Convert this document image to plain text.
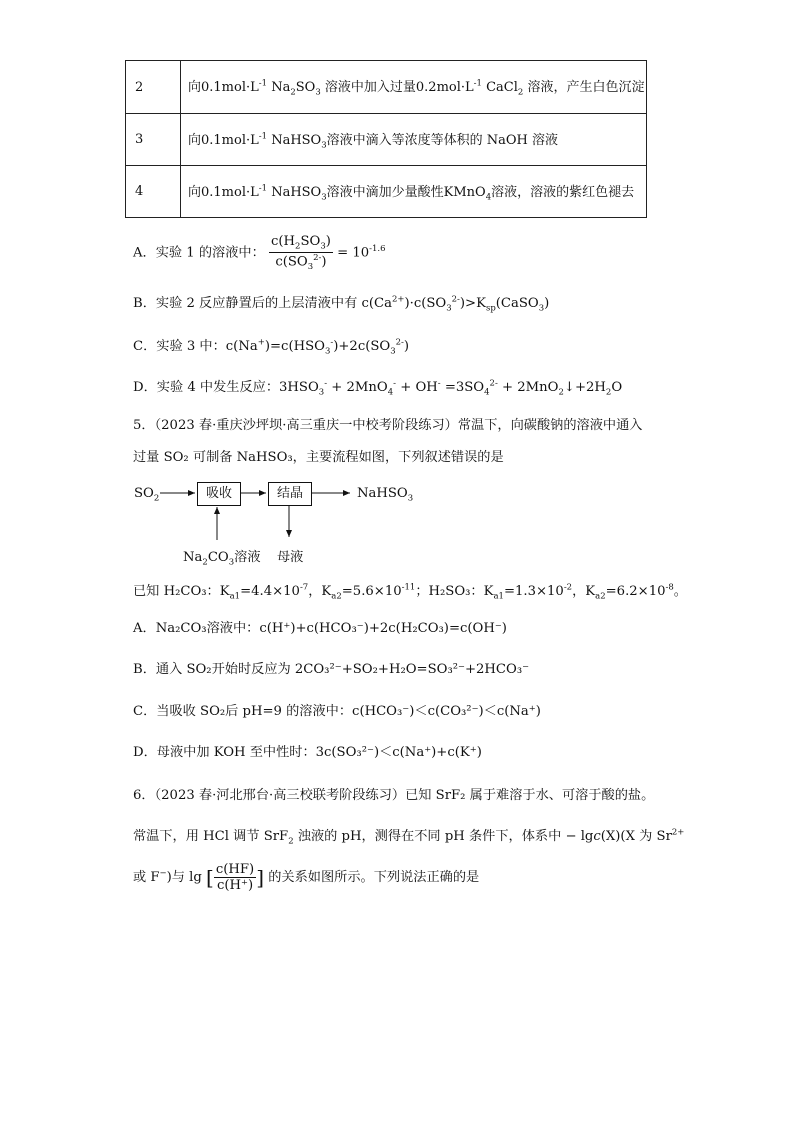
2	向$0.1mol\cdot L^{-1}$ $Na_2SO_3$ 溶液中加入过量$0.2mol\cdot L^{-1}$ CaCl$_2$ 溶液，产生白色沉淀
3	向$0.1mol\cdot L^{-1}$ NaHSO$_3$溶液中滴入等浓度等体积的 NaOH 溶液
4	向$0.1mol\cdot L^{-1}$ NaHSO$_3$溶液中滴加少量酸性KMnO$_4$溶液，溶液的紫红色褪去
A．实验 1 的溶液中： $\frac{c(H_2SO_3)}{c(SO_3^{2-})} = 10^{-1.6}$
B．实验 2 反应静置后的上层清液中有 $c(Ca^{2+})\cdot c(SO_3^{2-})>K_{sp}(CaSO_3)$
C．实验 3 中：$c(Na^+)=c(HSO_3^-)+2c(SO_3^{2-})$
D．实验 4 中发生反应：$3HSO_3^- + 2MnO_4^- + OH^- =3SO_4^{2-}$ + $2MnO_2↓+2H_2O$
5．（2023 春·重庆沙坪坝·高三重庆一中校考阶段练习）常温下，向碳酸钠的溶液中通入
过量 SO₂ 可制备 NaHSO₃，主要流程如图，下列叙述错误的是
$SO_2$	吸收	结晶	NaHSO$_3$
$Na_2CO_3$溶液 母液
已知 H₂CO₃：$K_{a1}=4.4\times 10^{-7}$，$K_{a2}=5.6\times 10^{-11}$；H₂SO₃：$K_{a1}=1.3\times 10^{-2}$，$K_{a2}=6.2\times 10^{-8}$。
A．Na₂CO₃溶液中：c(H⁺)+c(HCO₃⁻)+2c(H₂CO₃)=c(OH⁻)
B．通入 SO₂开始时反应为 2CO₃²⁻+SO₂+H₂O=SO₃²⁻+2HCO₃⁻
C．当吸收 SO₂后 pH=9 的溶液中：c(HCO₃⁻)＜c(CO₃²⁻)＜c(Na⁺)
D．母液中加 KOH 至中性时：3c(SO₃²⁻)＜c(Na⁺)+c(K⁺)
6．（2023 春·河北邢台·高三校联考阶段练习）已知 SrF₂ 属于难溶于水、可溶于酸的盐。
常温下，用 HCl 调节 SrF$_2$ 浊液的 pH，测得在不同 pH 条件下，体系中 − lgc(X)(X 为 $Sr^{2+}$
或 F−)与 lg [ $\frac{c(HF)}{c(H^+)}$ ] 的关系如图所示。下列说法正确的是
